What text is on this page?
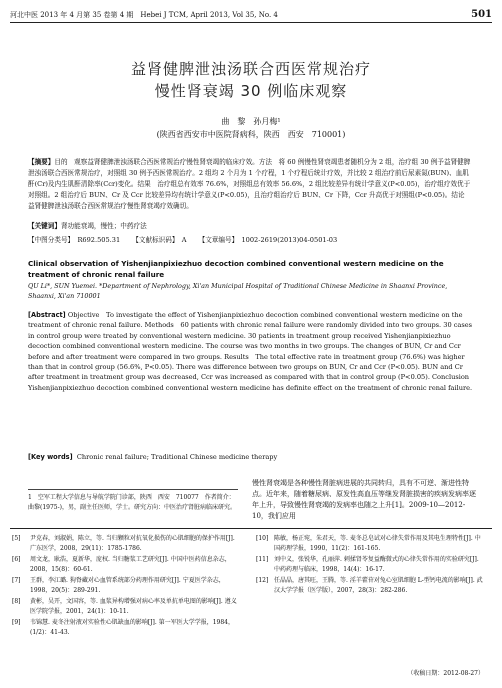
河北中医 2013 年 4 月第 35 卷第 4 期　Hebei J TCM, April 2013, Vol 35, No. 4	501
益肾健脾泄浊汤联合西医常规治疗
慢性肾衰竭 30 例临床观察
曲　黎　孙月梅¹
(陕西省西安市中医院肾病科，陕西　西安　710001)
【摘要】目的　观察益肾健脾泄浊汤联合西医常规治疗慢性肾衰竭的临床疗效。方法　将 60 例慢性肾衰竭患者随机分为 2 组，治疗组 30 例予益肾健脾泄浊汤联合西医常规治疗，对照组 30 例予西医常规治疗。2 组均 2 个月为 1 个疗程，1 个疗程后统计疗效，并比较 2 组治疗前后尿素氮(BUN)、血肌酐(Cr)及内生肌酐清除率(Ccr)变化。结果　治疗组总有效率 76.6%，对照组总有效率 56.6%，2 组比较差异有统计学意义(P<0.05)，治疗组疗效优于对照组。2 组治疗后 BUN、Cr 及 Ccr 比较差异均有统计学意义(P<0.05)，且治疗组治疗后 BUN、Cr 下降，Ccr 升高优于对照组(P<0.05)。结论　益肾健脾泄浊汤联合西医常规治疗慢性肾衰竭疗效确切。
【关键词】肾功能衰竭，慢性；中药疗法
【中图分类号】　R692.505.31 【文献标识码】　A 【文章编号】　1002-2619(2013)04-0501-03
Clinical observation of Yishenjianpixiezhuo decoction combined conventional western medicine on the treatment of chronic renal failure
QU Li*, SUN Yuemei. *Department of Nephrology, Xi'an Municipal Hospital of Traditional Chinese Medicine in Shaanxi Province, Shaanxi, Xi'an 710001
[Abstract] Objective　To investigate the effect of Yishenjianpixiezhuo decoction combined conventional western medicine on the treatment of chronic renal failure. Methods　60 patients with chronic renal failure were randomly divided into two groups. 30 cases in control group were treated by conventional western medicine. 30 patients in treatment group received Yishenjianpixiezhuo decoction combined conventional western medicine. The course was two months in two groups. The changes of BUN, Cr and Ccr before and after treatment were compared in two groups. Results　The total effective rate in treatment group (76.6%) was higher than that in control group (56.6%, P<0.05). There was difference between two groups on BUN, Cr and Ccr (P<0.05). BUN and Cr after treatment in treatment group was decreased, Ccr was increased as compared with that in control group (P<0.05). Conclusion　Yishenjianpixiezhuo decoction combined conventional western medicine has definite effect on the treatment of chronic renal failure.
[Key words] Chronic renal failure; Traditional Chinese medicine therapy
1　空军工程大学信息与导航学院门诊部，陕西　西安　710077　作者简介：曲黎(1975-)，男，副主任医师，学士。研究方向：中医治疗肾脏病临床研究。
慢性肾衰竭是各种慢性肾脏病进展的共同转归，具有不可逆、渐进性特点。近年来，随着糖尿病、原发性高血压等继发肾脏损害的疾病发病率逐年上升，导致慢性肾衰竭的发病率也随之上升[1]。2009-10—2012-10，我们应用
[5]	尹克春，刘淑娟，陈立，等. 当归颗粒对抗氧化损伤的心肌细胞的保护作用[J]. 广东医学，2008，29(11)：1785-1786.
[6]	周文龙，耿浩，夏新华，庞权. 当归糖浆工艺研究[J]. 中国中医药信息杂志，2008，15(8)：60-61.
[7]	王群，李江璐. 狗脊藏对心血管系统部分药理作用研究[J]. 宁夏医学杂志，1998，20(5)：289-291.
[8]	黄彬，吴开，文国容，等. 血浆异构增强对病心率及单抗单电图的影响[J]. 遵义医学院学报，2001，24(1)：10-11.
[9]	韦锦慧. 麦冬注射液对实验性心肌缺血的影响[J]. 第一军医大学学报，1984，(1/2)：41-43.
[10] 陈敏，杨正宛，朱君天，等. 麦冬总皂试对心律失常作用及其电生理特性[J]. 中国药理学报，1990，11(2)：161-165.
[11] 刘中义，张锐华，孔丽萍. 刺揉肾苓复益酶微式的心律失常作用的实验研究[J]. 中药药理与临床，1998，14(4)：16-17.
[12] 任晶晶，唐其旺，王腾，等. 淫羊藿苷对兔心室肌细胞 L-型钙电流的影响[J]. 武汉大学学报（医学版），2007，28(3)：282-286.
（收稿日期：2012-08-27）
